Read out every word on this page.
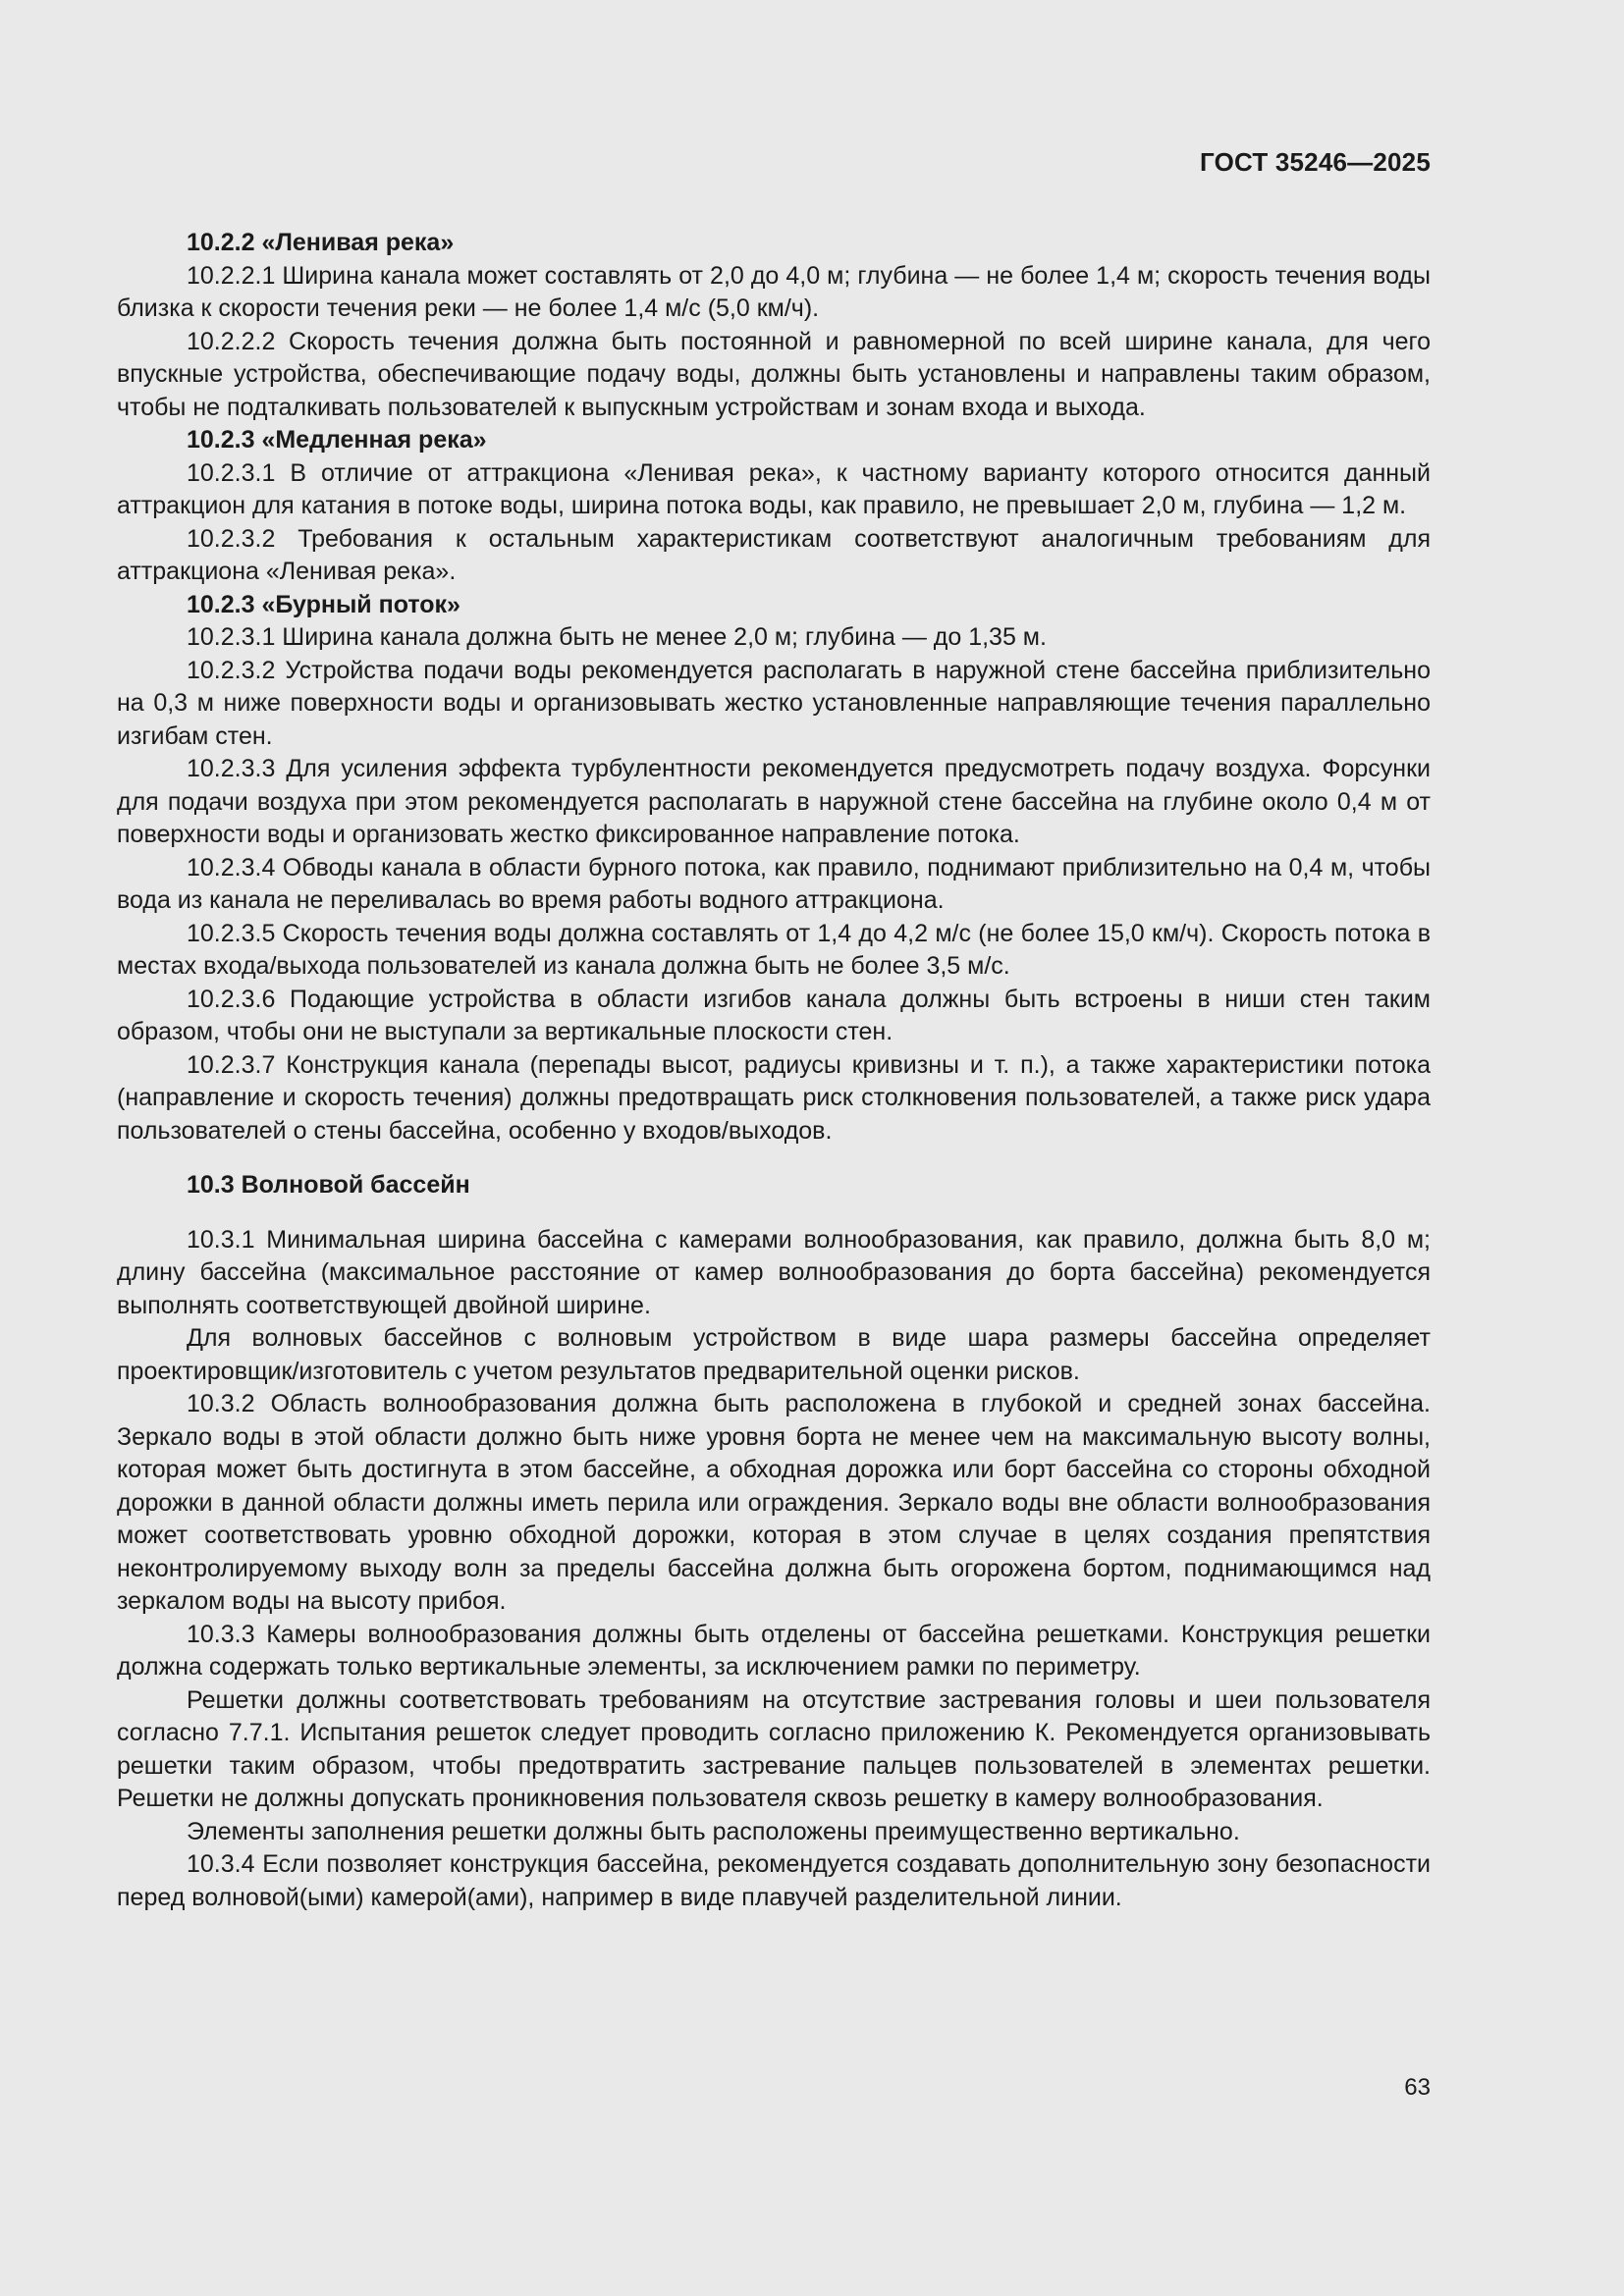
ГОСТ 35246—2025

10.2.2 «Ленивая река»

10.2.2.1 Ширина канала может составлять от 2,0 до 4,0 м; глубина — не более 1,4 м; скорость течения воды близка к скорости течения реки — не более 1,4 м/с (5,0 км/ч).

10.2.2.2 Скорость течения должна быть постоянной и равномерной по всей ширине канала, для чего впускные устройства, обеспечивающие подачу воды, должны быть установлены и направлены таким образом, чтобы не подталкивать пользователей к выпускным устройствам и зонам входа и выхода.

10.2.3 «Медленная река»

10.2.3.1 В отличие от аттракциона «Ленивая река», к частному варианту которого относится данный аттракцион для катания в потоке воды, ширина потока воды, как правило, не превышает 2,0 м, глубина — 1,2 м.

10.2.3.2 Требования к остальным характеристикам соответствуют аналогичным требованиям для аттракциона «Ленивая река».

10.2.3 «Бурный поток»

10.2.3.1 Ширина канала должна быть не менее 2,0 м; глубина — до 1,35 м.

10.2.3.2 Устройства подачи воды рекомендуется располагать в наружной стене бассейна приблизительно на 0,3 м ниже поверхности воды и организовывать жестко установленные направляющие течения параллельно изгибам стен.

10.2.3.3 Для усиления эффекта турбулентности рекомендуется предусмотреть подачу воздуха. Форсунки для подачи воздуха при этом рекомендуется располагать в наружной стене бассейна на глубине около 0,4 м от поверхности воды и организовать жестко фиксированное направление потока.

10.2.3.4 Обводы канала в области бурного потока, как правило, поднимают приблизительно на 0,4 м, чтобы вода из канала не переливалась во время работы водного аттракциона.

10.2.3.5 Скорость течения воды должна составлять от 1,4 до 4,2 м/с (не более 15,0 км/ч). Скорость потока в местах входа/выхода пользователей из канала должна быть не более 3,5 м/с.

10.2.3.6 Подающие устройства в области изгибов канала должны быть встроены в ниши стен таким образом, чтобы они не выступали за вертикальные плоскости стен.

10.2.3.7 Конструкция канала (перепады высот, радиусы кривизны и т. п.), а также характеристики потока (направление и скорость течения) должны предотвращать риск столкновения пользователей, а также риск удара пользователей о стены бассейна, особенно у входов/выходов.

10.3 Волновой бассейн

10.3.1 Минимальная ширина бассейна с камерами волнообразования, как правило, должна быть 8,0 м; длину бассейна (максимальное расстояние от камер волнообразования до борта бассейна) рекомендуется выполнять соответствующей двойной ширине.

Для волновых бассейнов с волновым устройством в виде шара размеры бассейна определяет проектировщик/изготовитель с учетом результатов предварительной оценки рисков.

10.3.2 Область волнообразования должна быть расположена в глубокой и средней зонах бассейна. Зеркало воды в этой области должно быть ниже уровня борта не менее чем на максимальную высоту волны, которая может быть достигнута в этом бассейне, а обходная дорожка или борт бассейна со стороны обходной дорожки в данной области должны иметь перила или ограждения. Зеркало воды вне области волнообразования может соответствовать уровню обходной дорожки, которая в этом случае в целях создания препятствия неконтролируемому выходу волн за пределы бассейна должна быть огорожена бортом, поднимающимся над зеркалом воды на высоту прибоя.

10.3.3 Камеры волнообразования должны быть отделены от бассейна решетками. Конструкция решетки должна содержать только вертикальные элементы, за исключением рамки по периметру.

Решетки должны соответствовать требованиям на отсутствие застревания головы и шеи пользователя согласно 7.7.1. Испытания решеток следует проводить согласно приложению К. Рекомендуется организовывать решетки таким образом, чтобы предотвратить застревание пальцев пользователей в элементах решетки. Решетки не должны допускать проникновения пользователя сквозь решетку в камеру волнообразования.

Элементы заполнения решетки должны быть расположены преимущественно вертикально.

10.3.4 Если позволяет конструкция бассейна, рекомендуется создавать дополнительную зону безопасности перед волновой(ыми) камерой(ами), например в виде плавучей разделительной линии.

63
